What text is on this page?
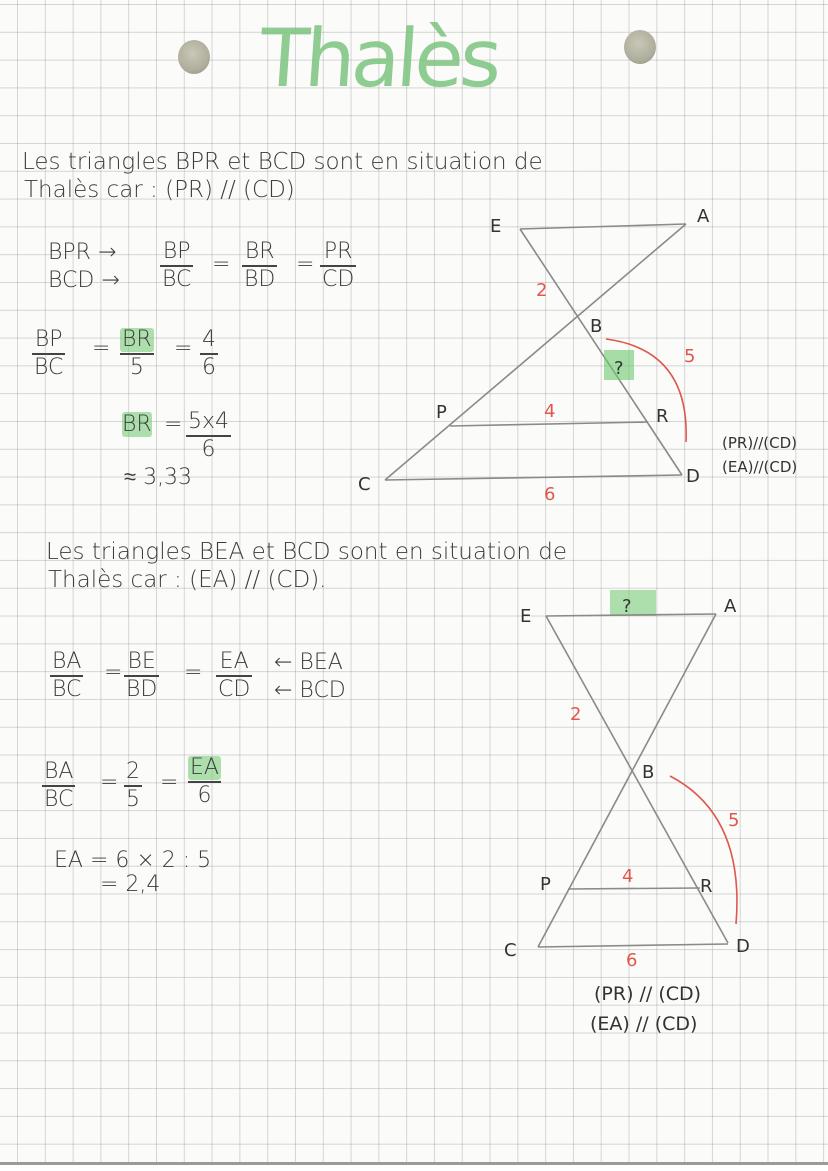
Thalès
Les triangles BPR et BCD sont en situation de
Thalès car : (PR) // (CD)
BPR →
BCD →
BP
BC
=
BR
BD
=
PR
CD
BP
BC
= BR
5
= 4
6
BR = 5x4
6
≈ 3,33
E	A
B
P	R
C	D
2
5
4
6
?
(PR)//(CD)
(EA)//(CD)
Les triangles BEA et BCD sont en situation de
Thalès car : (EA) // (CD).
BA
BC
= BE
BD
= EA
CD
← BEA
← BCD
BA
BC
= 2
5
=
EA
6
EA = 6 × 2 : 5
= 2,4
E	A
B
P	R
C	D
?
2
5
4
6
(PR) // (CD)
(EA) // (CD)
